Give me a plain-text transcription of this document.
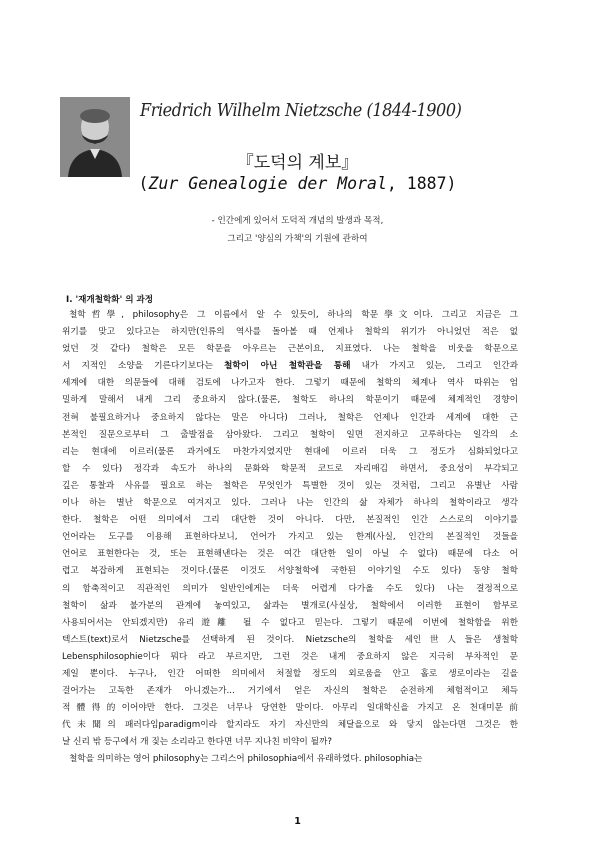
Friedrich Wilhelm Nietzsche (1844-1900)
『도덕의 계보』
(Zur Genealogie der Moral, 1887)
- 인간에게 있어서 도덕적 개념의 발생과 목적,
그리고 '양심의 가책'의 기원에 관하여
Ⅰ. '재개철학화' 의 과정
철학哲學, philosophy은 그 이름에서 알 수 있듯이, 하나의 학문學文이다. 그리고 지금은 그
위기를 맞고 있다고는 하지만(인류의 역사를 돌아볼 때 언제나 철학의 위기가 아니었던 적은 없
었던 것 같다) 철학은 모든 학문을 아우르는 근본이요, 지표였다. 나는 철학을 비웃을 학문으로
서 지적인 소양을 기른다기보다는 철학이 아닌 철학관을 통해 내가 가지고 있는, 그리고 인간과
세계에 대한 의문들에 대해 검토에 나가고자 한다. 그렇기 때문에 철학의 체계나 역사 따위는 엄
밀하게 말해서 내게 그리 중요하지 않다.(물론, 철학도 하나의 학문이기 때문에 체계적인 경향이
전혀 불필요하거나 중요하지 않다는 말은 아니다) 그러나, 철학은 언제나 인간과 세계에 대한 근
본적인 질문으로부터 그 출발점을 삼아왔다. 그리고 철학이 일면 전지하고 고루하다는 일각의 소
리는 현대에 이르러(물론 과거에도 마찬가지였지만 현대에 이르러 더욱 그 정도가 심화되었다고
할 수 있다) 정각과 속도가 하나의 문화와 학문적 코드로 자리매김 하면서, 중요성이 부각되고
깊은 통찰과 사유를 필요로 하는 철학은 무엇인가 특별한 것이 있는 것처럼, 그리고 유별난 사람
이나 하는 별난 학문으로 여겨지고 있다. 그러나 나는 인간의 삶 자체가 하나의 철학이라고 생각
한다. 철학은 어떤 의미에서 그리 대단한 것이 아니다. 다만, 본질적인 인간 스스로의 이야기를
언어라는 도구를 이용해 표현하다보니, 언어가 가지고 있는 한계(사실, 인간의 본질적인 것들을
언어로 표현한다는 것, 또는 표현해낸다는 것은 여간 대단한 일이 아닐 수 없다) 때문에 다소 어
렵고 복잡하게 표현되는 것이다.(물론 이것도 서양철학에 국한된 이야기일 수도 있다) 동양 철학
의 함축적이고 직관적인 의미가 일반인에게는 더욱 어렵게 다가올 수도 있다) 나는 결정적으로
철학이 삶과 불가분의 관계에 놓여있고, 삶과는 별개로(사실상, 철학에서 이러한 표현이 함부로
사용되어서는 안되겠지만) 유리遊離 될 수 없다고 믿는다. 그렇기 때문에 이번에 철학함을 위한
텍스트(text)로서 Nietzsche를 선택하게 된 것이다. Nietzsche의 철학을 세인世人들은 생철학
Lebensphilosophie이다 뭐다 라고 부르지만, 그런 것은 내게 중요하지 않은 지극히 부차적인 문
제일 뿐이다. 누구나, 인간 어떠한 의미에서 처절할 정도의 외로움을 안고 홀로 생로이라는 길을
걸어가는 고독한 존재가 아니겠는가... 거기에서 얻은 자신의 철학은 순전하게 체험적이고 체득
적體得的이어야만 한다. 그것은 너무나 당연한 말이다. 아무리 일대학신을 가지고 온 천대미문前
代未聞의 패러다임paradigm이라 할지라도 자기 자신만의 체달을으로 와 닿지 않는다면 그것은 한
날 신리 밖 등구에서 개 짖는 소리라고 한다면 너무 지나친 비약이 될까?
철학을 의미하는 영어 philosophy는 그리스어 philosophia에서 유래하였다. philosophia는
1
